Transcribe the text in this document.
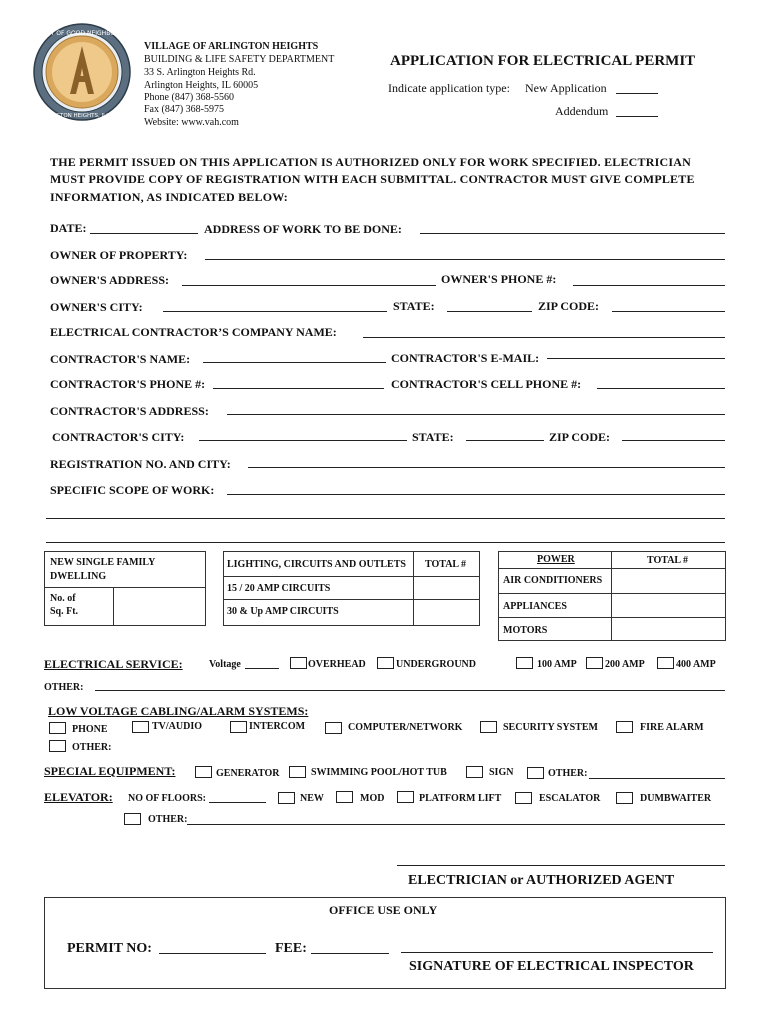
CITY OF GOOD NEIGHBORS
ARLINGTON HEIGHTS, ILLINOIS
VILLAGE OF ARLINGTON HEIGHTS
BUILDING & LIFE SAFETY DEPARTMENT
33 S. Arlington Heights Rd.
Arlington Heights, IL 60005
Phone (847) 368-5560
Fax (847) 368-5975
Website: www.vah.com
APPLICATION FOR ELECTRICAL PERMIT
Indicate application type: New Application
Addendum
THE PERMIT ISSUED ON THIS APPLICATION IS AUTHORIZED ONLY FOR WORK SPECIFIED. ELECTRICIAN
MUST PROVIDE COPY OF REGISTRATION WITH EACH SUBMITTAL. CONTRACTOR MUST GIVE COMPLETE
INFORMATION, AS INDICATED BELOW:
DATE:	ADDRESS OF WORK TO BE DONE:
OWNER OF PROPERTY:
OWNER'S ADDRESS:	OWNER'S PHONE #:
OWNER'S CITY:	STATE:	ZIP CODE:
ELECTRICAL CONTRACTOR’S COMPANY NAME:
CONTRACTOR'S NAME:	CONTRACTOR'S E-MAIL:
CONTRACTOR'S PHONE #:	CONTRACTOR'S CELL PHONE #:
CONTRACTOR'S ADDRESS:
CONTRACTOR'S CITY:	STATE:	ZIP CODE:
REGISTRATION NO. AND CITY:
SPECIFIC SCOPE OF WORK:
NEW SINGLE FAMILY
DWELLING
No. of
Sq. Ft.
LIGHTING, CIRCUITS AND OUTLETS TOTAL #
15 / 20 AMP CIRCUITS
30 & Up AMP CIRCUITS
POWER	TOTAL #
AIR CONDITIONERS
APPLIANCES
MOTORS
ELECTRICAL SERVICE:	Voltage	OVERHEAD	UNDERGROUND	100 AMP	200 AMP	400 AMP
OTHER:
LOW VOLTAGE CABLING/ALARM SYSTEMS:
PHONE	TV/AUDIO	INTERCOM	COMPUTER/NETWORK	SECURITY SYSTEM	FIRE ALARM
OTHER:
SPECIAL EQUIPMENT:	GENERATOR	SWIMMING POOL/HOT TUB	SIGN	OTHER:
ELEVATOR: NO OF FLOORS:	NEW	MOD	PLATFORM LIFT	ESCALATOR	DUMBWAITER
OTHER:
ELECTRICIAN or AUTHORIZED AGENT
OFFICE USE ONLY
PERMIT NO:	FEE:
SIGNATURE OF ELECTRICAL INSPECTOR
